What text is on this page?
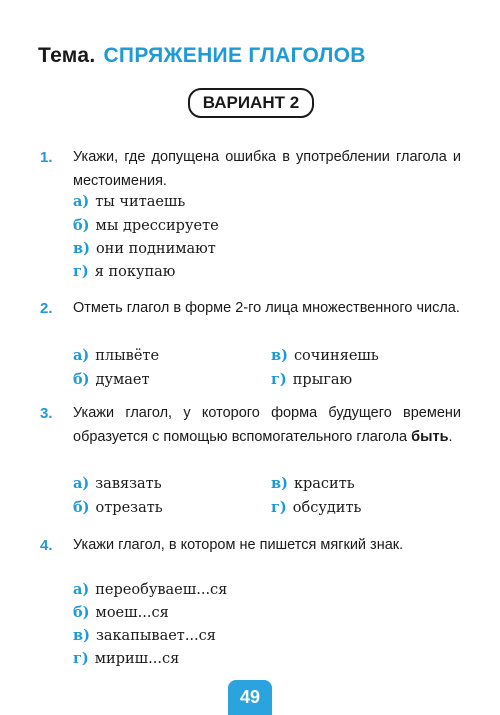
Тема. СПРЯЖЕНИЕ ГЛАГОЛОВ
ВАРИАНТ 2
1. Укажи, где допущена ошибка в употреблении глагола и местоимения.
а) ты читаешь
б) мы дрессируете
в) они поднимают
г) я покупаю
2. Отметь глагол в форме 2-го лица множественного числа.
а) плывёте
б) думает
в) сочиняешь
г) прыгаю
3. Укажи глагол, у которого форма будущего времени образуется с помощью вспомогательного глагола быть.
а) завязать
б) отрезать
в) красить
г) обсудить
4. Укажи глагол, в котором не пишется мягкий знак.
а) переобуваеш...ся
б) моеш...ся
в) закапывает...ся
г) мириш...ся
49
